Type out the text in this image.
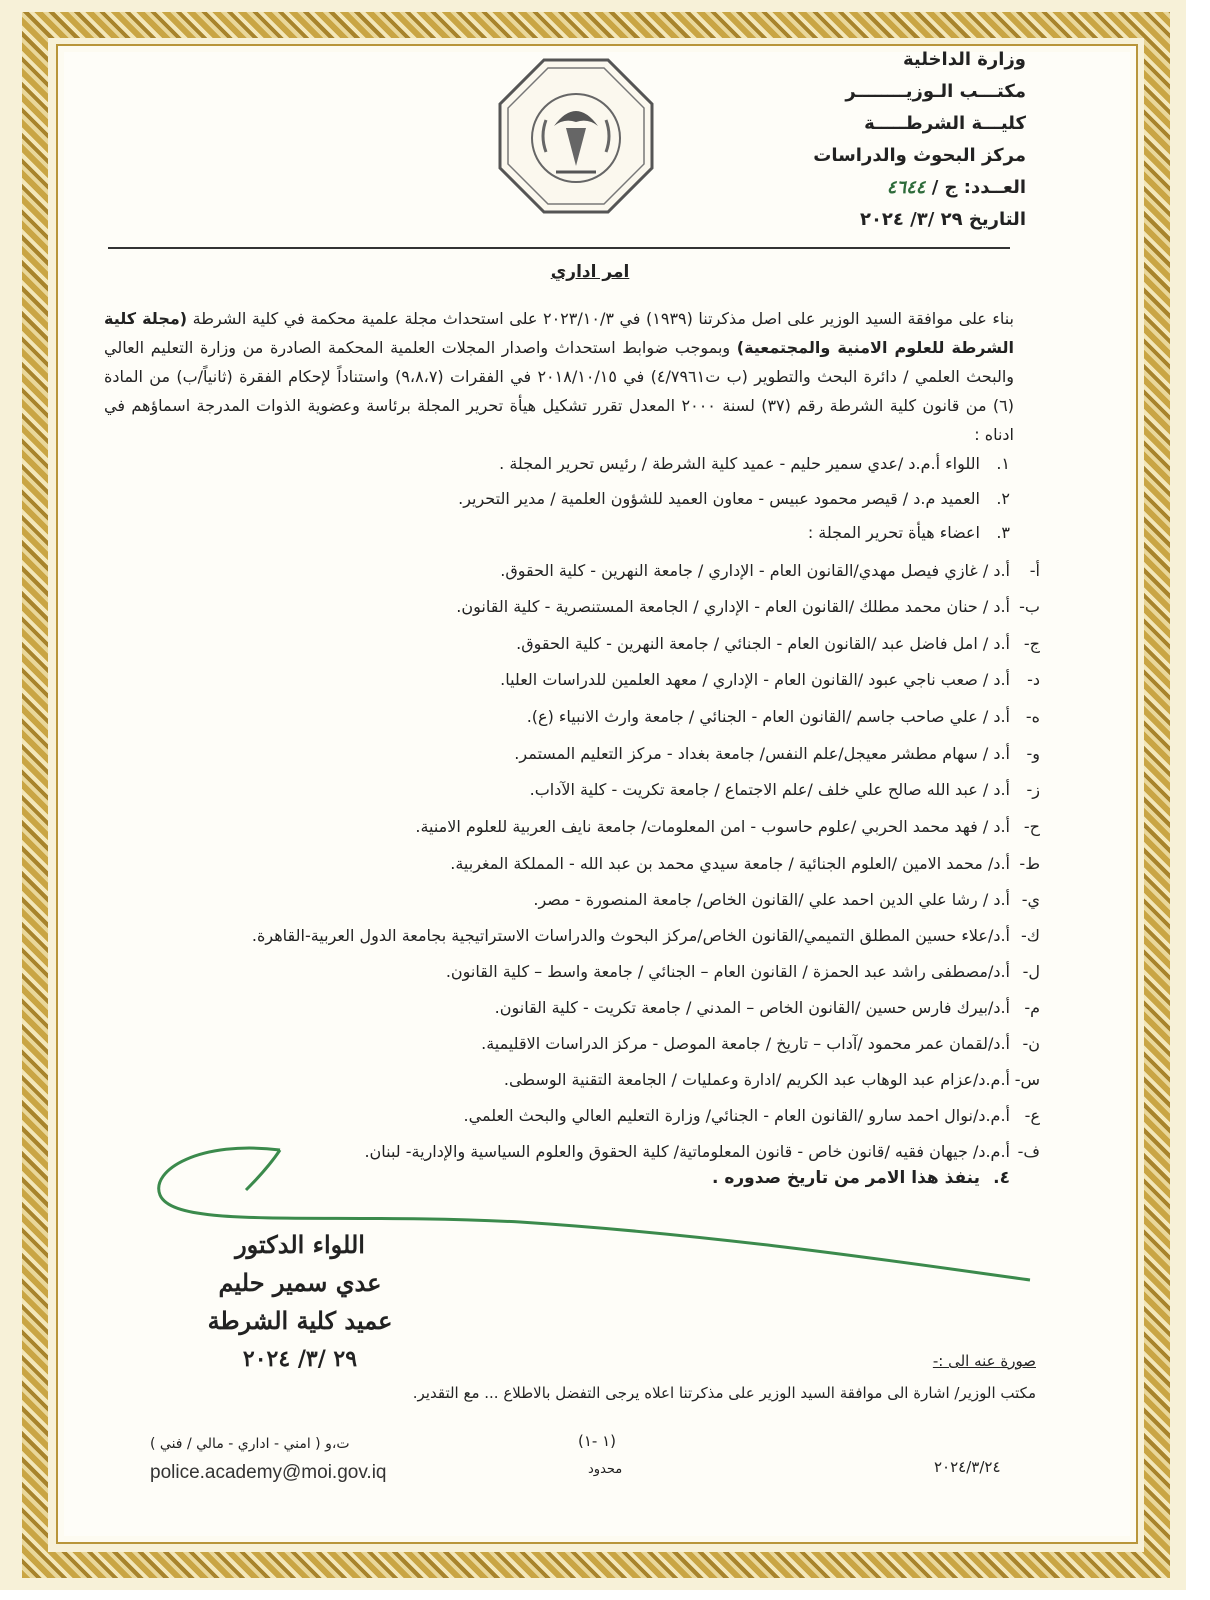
وزارة الداخلية
مكتـــب الـوزيــــــــر
كليـــة الشرطـــــة
مركز البحوث والدراسات
العــدد: ج / ٤٦٤٤
التاريخ ٢٩ /٣/ ٢٠٢٤
امر اداري
بناء على موافقة السيد الوزير على اصل مذكرتنا (١٩٣٩) في ٢٠٢٣/١٠/٣ على استحداث مجلة علمية محكمة في كلية الشرطة (مجلة كلية الشرطة للعلوم الامنية والمجتمعية) وبموجب ضوابط استحداث واصدار المجلات العلمية المحكمة الصادرة من وزارة التعليم العالي والبحث العلمي / دائرة البحث والتطوير (ب ت٤/٧٩٦١) في ٢٠١٨/١٠/١٥ في الفقرات (٩،٨،٧) واستناداً لإحكام الفقرة (ثانياً/ب) من المادة (٦) من قانون كلية الشرطة رقم (٣٧) لسنة ٢٠٠٠ المعدل تقرر تشكيل هيأة تحرير المجلة برئاسة وعضوية الذوات المدرجة اسماؤهم في ادناه :
١.اللواء أ.م.د /عدي سمير حليم - عميد كلية الشرطة / رئيس تحرير المجلة .
٢.العميد م.د / قيصر محمود عبيس - معاون العميد للشؤون العلمية / مدير التحرير.
٣.اعضاء هيأة تحرير المجلة :
أ-أ.د / غازي فيصل مهدي/القانون العام - الإداري / جامعة النهرين - كلية الحقوق.
ب-أ.د / حنان محمد مطلك /القانون العام - الإداري / الجامعة المستنصرية - كلية القانون.
ج-أ.د / امل فاضل عبد /القانون العام - الجنائي / جامعة النهرين - كلية الحقوق.
د-أ.د / صعب ناجي عبود /القانون العام - الإداري / معهد العلمين للدراسات العليا.
ه-أ.د / علي صاحب جاسم /القانون العام - الجنائي / جامعة وارث الانبياء (ع).
و-أ.د / سهام مطشر معيجل/علم النفس/ جامعة بغداد - مركز التعليم المستمر.
ز-أ.د / عبد الله صالح علي خلف /علم الاجتماع / جامعة تكريت - كلية الآداب.
ح-أ.د / فهد محمد الحربي /علوم حاسوب - امن المعلومات/ جامعة نايف العربية للعلوم الامنية.
ط-أ.د/ محمد الامين /العلوم الجنائية / جامعة سيدي محمد بن عبد الله - المملكة المغربية.
ي-أ.د / رشا علي الدين احمد علي /القانون الخاص/ جامعة المنصورة - مصر.
ك-أ.د/علاء حسين المطلق التميمي/القانون الخاص/مركز البحوث والدراسات الاستراتيجية بجامعة الدول العربية-القاهرة.
ل-أ.د/مصطفى راشد عبد الحمزة / القانون العام – الجنائي / جامعة واسط – كلية القانون.
م-أ.د/بيرك فارس حسين /القانون الخاص – المدني / جامعة تكريت - كلية القانون.
ن-أ.د/لقمان عمر محمود /آداب – تاريخ / جامعة الموصل - مركز الدراسات الاقليمية.
س-أ.م.د/عزام عبد الوهاب عبد الكريم /ادارة وعمليات / الجامعة التقنية الوسطى.
ع-أ.م.د/نوال احمد سارو /القانون العام - الجنائي/ وزارة التعليم العالي والبحث العلمي.
ف-أ.م.د/ جيهان فقيه /قانون خاص - قانون المعلوماتية/ كلية الحقوق والعلوم السياسية والإدارية- لبنان.
٤.ينفذ هذا الامر من تاريخ صدوره .
اللواء الدكتور
عدي سمير حليم
عميد كلية الشرطة
٢٩ /٣/ ٢٠٢٤	صورة عنه الى :-
مكتب الوزير/ اشارة الى موافقة السيد الوزير على مذكرتنا اعلاه يرجى التفضل بالاطلاع ... مع التقدير.
ت،و ( امني - اداري - مالي / فني )
police.academy@moi.gov.iq
(١ -١)
محدود	٢٠٢٤/٣/٢٤
